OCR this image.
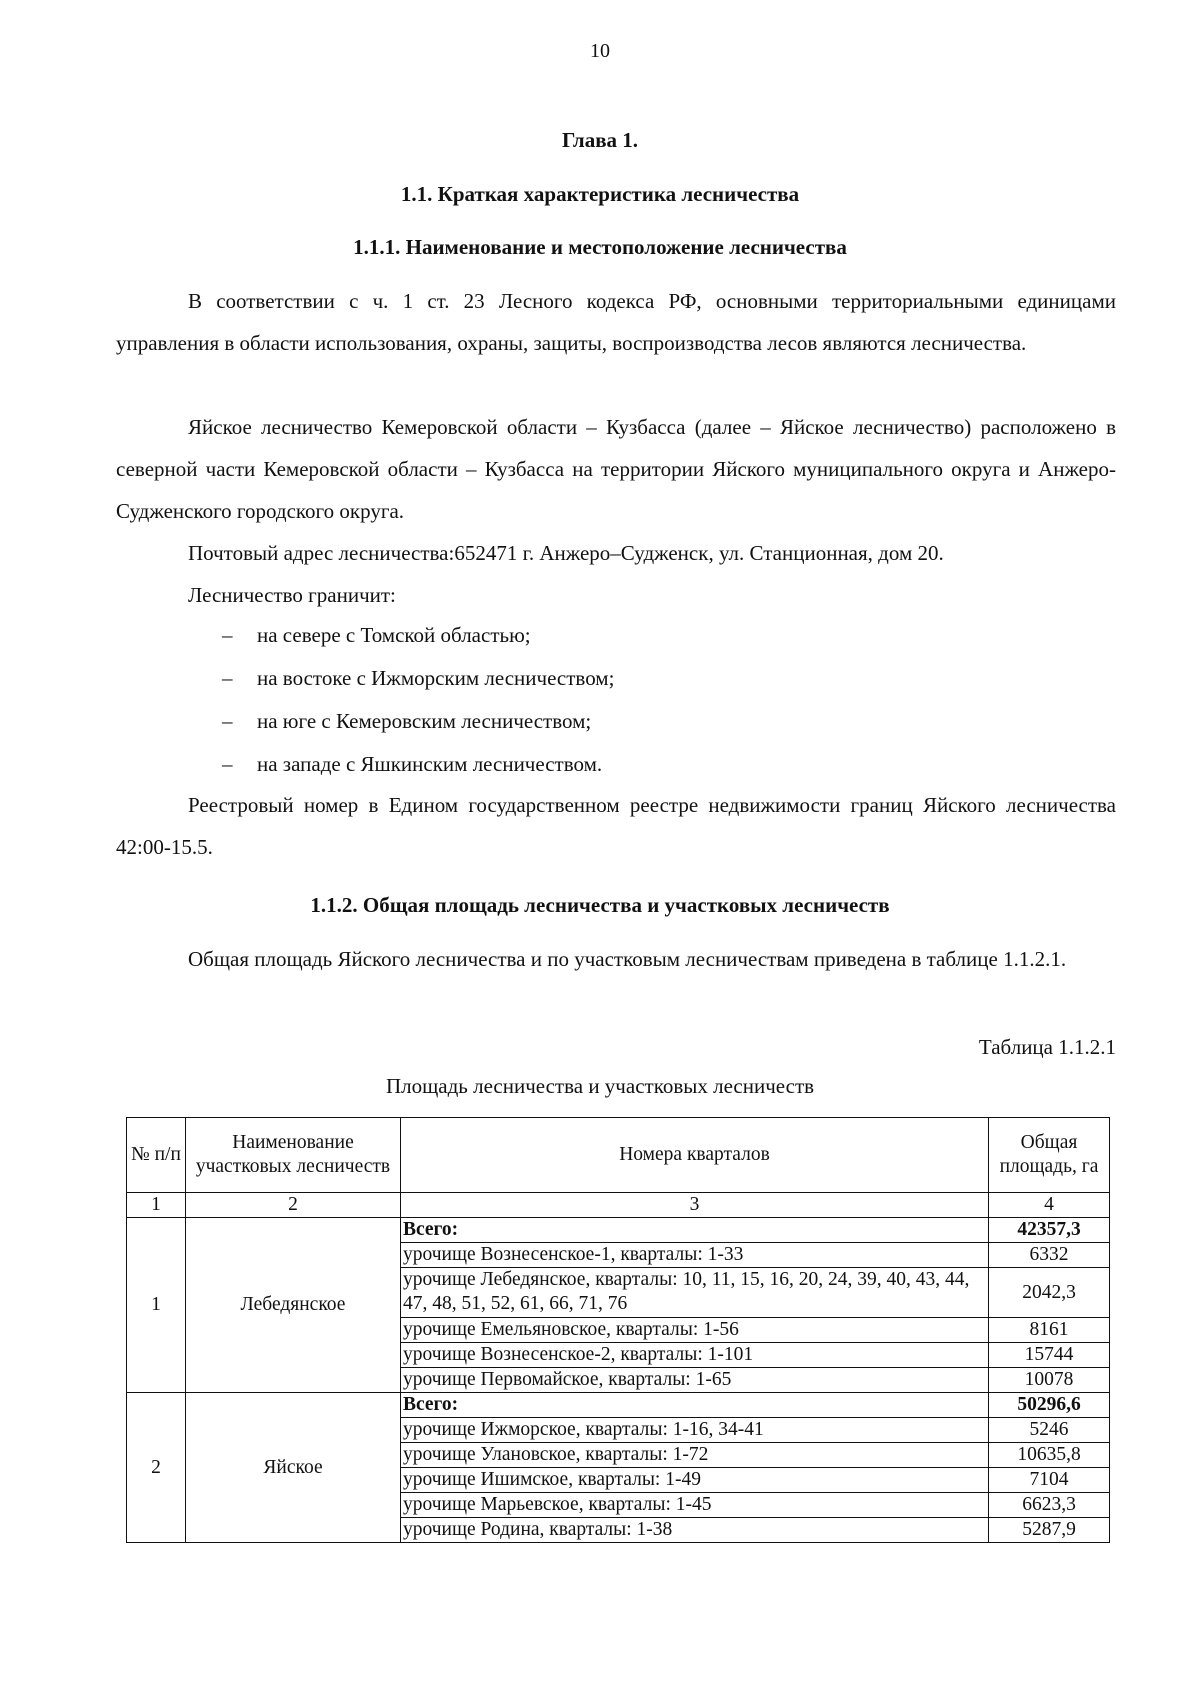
10
Глава 1.
1.1. Краткая характеристика лесничества
1.1.1. Наименование и местоположение лесничества

В соответствии с ч. 1 ст. 23 Лесного кодекса РФ, основными территориальными единицами управления в области использования, охраны, защиты, воспроизводства лесов являются лесничества.

Яйское лесничество Кемеровской области – Кузбасса (далее – Яйское лесничество) расположено в северной части Кемеровской области – Кузбасса на территории Яйского муниципального округа и Анжеро-Судженского городского округа.

Почтовый адрес лесничества:652471 г. Анжеро–Судженск, ул. Станционная, дом 20.
Лесничество граничит:
– на севере с Томской областью;
– на востоке с Ижморским лесничеством;
– на юге с Кемеровским лесничеством;
– на западе с Яшкинским лесничеством.

Реестровый номер в Едином государственном реестре недвижимости границ Яйского лесничества 42:00-15.5.

1.1.2. Общая площадь лесничества и участковых лесничеств

Общая площадь Яйского лесничества и по участковым лесничествам приведена в таблице 1.1.2.1.

Таблица 1.1.2.1
Площадь лесничества и участковых лесничеств
№ п/п	Наименование участковых лесничеств	Номера кварталов	Общая площадь, га
1	2	3	4
1	Лебедянское	Всего:	42357,3
		урочище Вознесенское-1, кварталы: 1-33	6332
		урочище Лебедянское, кварталы: 10, 11, 15, 16, 20, 24, 39, 40, 43, 44, 47, 48, 51, 52, 61, 66, 71, 76	2042,3
		урочище Емельяновское, кварталы: 1-56	8161
		урочище Вознесенское-2, кварталы: 1-101	15744
		урочище Первомайское, кварталы: 1-65	10078
2	Яйское	Всего:	50296,6
		урочище Ижморское, кварталы: 1-16, 34-41	5246
		урочище Улановское, кварталы: 1-72	10635,8
		урочище Ишимское, кварталы: 1-49	7104
		урочище Марьевское, кварталы: 1-45	6623,3
		урочище Родина, кварталы: 1-38	5287,9
